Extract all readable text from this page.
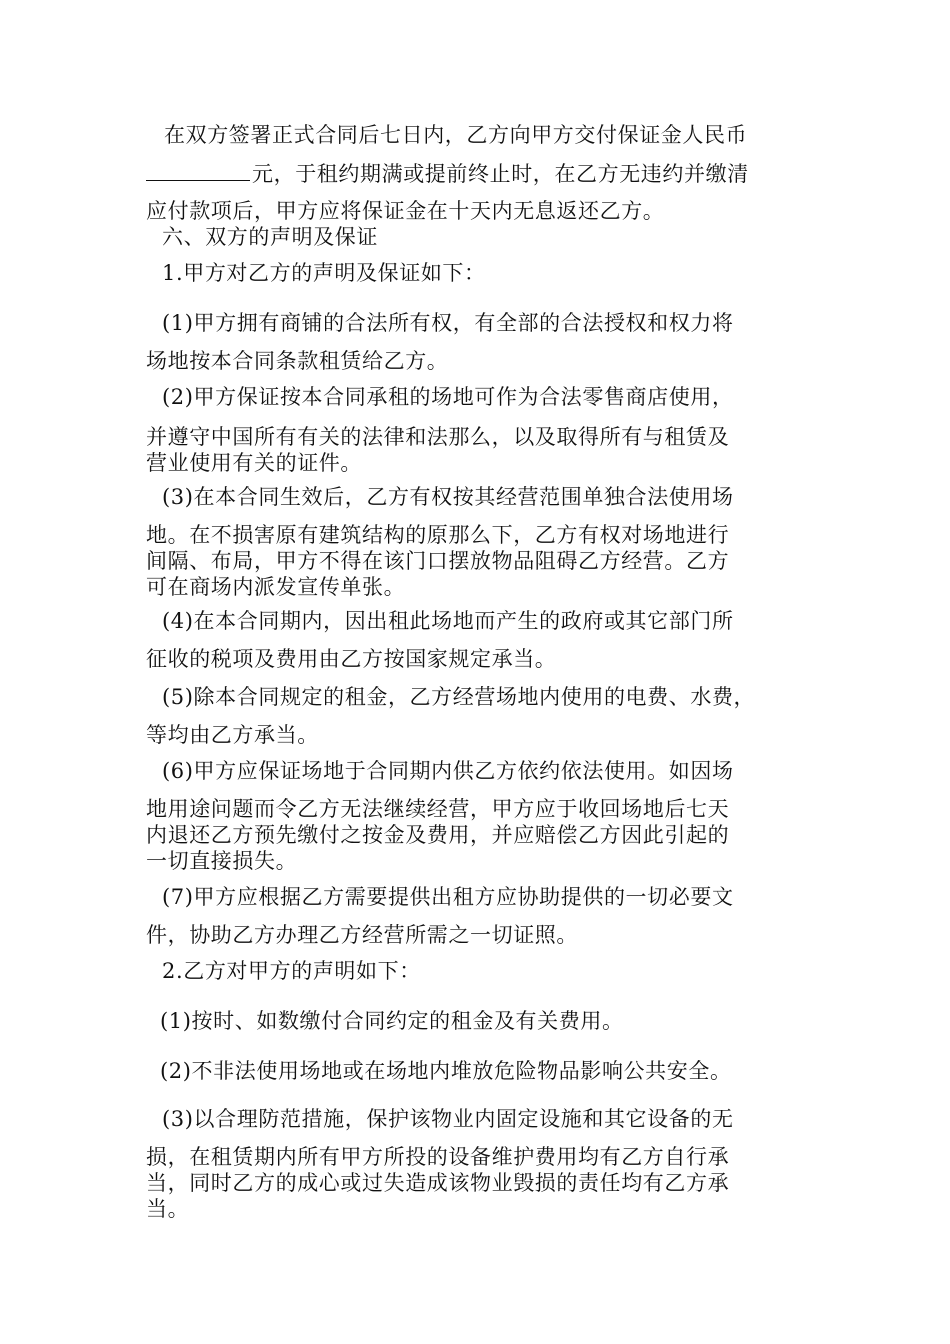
在双方签署正式合同后七日内，乙方向甲方交付保证金人民币
元，于租约期满或提前终止时，在乙方无违约并缴清
应付款项后，甲方应将保证金在十天内无息返还乙方。
六、双方的声明及保证
1.甲方对乙方的声明及保证如下：
(1)甲方拥有商铺的合法所有权，有全部的合法授权和权力将
场地按本合同条款租赁给乙方。
(2)甲方保证按本合同承租的场地可作为合法零售商店使用，
并遵守中国所有有关的法律和法那么，以及取得所有与租赁及
营业使用有关的证件。
(3)在本合同生效后，乙方有权按其经营范围单独合法使用场
地。在不损害原有建筑结构的原那么下，乙方有权对场地进行
间隔、布局，甲方不得在该门口摆放物品阻碍乙方经营。乙方
可在商场内派发宣传单张。
(4)在本合同期内，因出租此场地而产生的政府或其它部门所
征收的税项及费用由乙方按国家规定承当。
(5)除本合同规定的租金，乙方经营场地内使用的电费、水费，
等均由乙方承当。
(6)甲方应保证场地于合同期内供乙方依约依法使用。如因场
地用途问题而令乙方无法继续经营，甲方应于收回场地后七天
内退还乙方预先缴付之按金及费用，并应赔偿乙方因此引起的
一切直接损失。
(7)甲方应根据乙方需要提供出租方应协助提供的一切必要文
件，协助乙方办理乙方经营所需之一切证照。
2.乙方对甲方的声明如下：
(1)按时、如数缴付合同约定的租金及有关费用。
(2)不非法使用场地或在场地内堆放危险物品影响公共安全。
(3)以合理防范措施，保护该物业内固定设施和其它设备的无
损，在租赁期内所有甲方所投的设备维护费用均有乙方自行承
当，同时乙方的成心或过失造成该物业毁损的责任均有乙方承
当。
